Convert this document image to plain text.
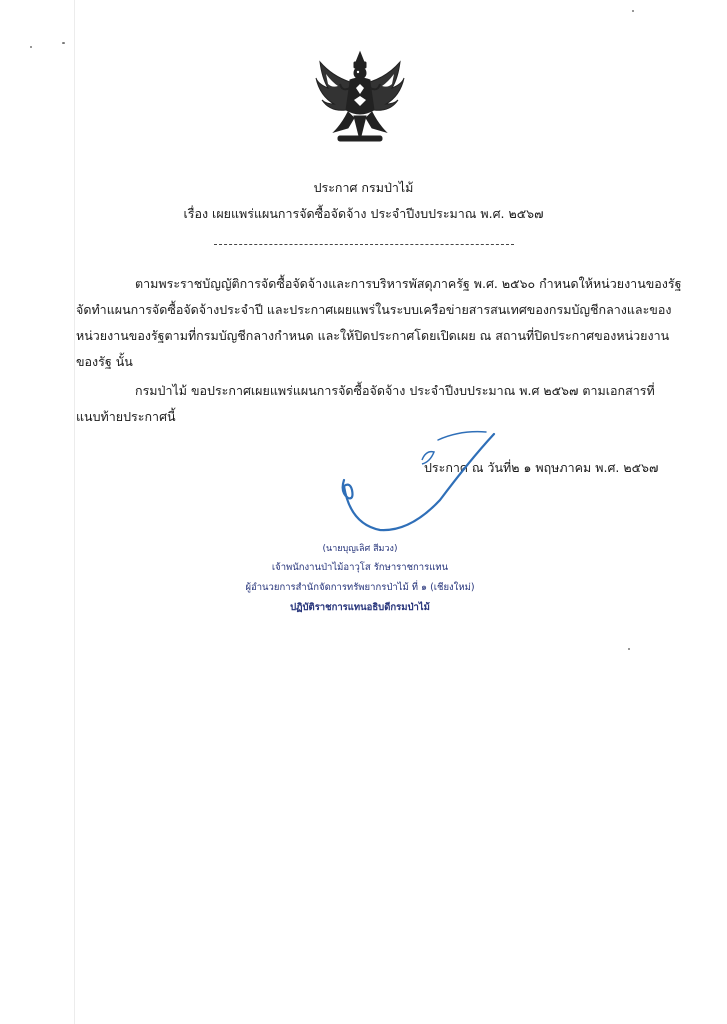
ประกาศ กรมป่าไม้
เรื่อง เผยแพร่แผนการจัดซื้อจัดจ้าง ประจำปีงบประมาณ พ.ศ. ๒๕๖๗
ตามพระราชบัญญัติการจัดซื้อจัดจ้างและการบริหารพัสดุภาครัฐ พ.ศ. ๒๕๖๐ กำหนดให้หน่วยงานของรัฐ
จัดทำแผนการจัดซื้อจัดจ้างประจำปี และประกาศเผยแพร่ในระบบเครือข่ายสารสนเทศของกรมบัญชีกลางและของ
หน่วยงานของรัฐตามที่กรมบัญชีกลางกำหนด และให้ปิดประกาศโดยเปิดเผย ณ สถานที่ปิดประกาศของหน่วยงาน
ของรัฐ นั้น
กรมป่าไม้ ขอประกาศเผยแพร่แผนการจัดซื้อจัดจ้าง ประจำปีงบประมาณ พ.ศ ๒๕๖๗ ตามเอกสารที่
แนบท้ายประกาศนี้
ประกาศ ณ วันที่๒ ๑ พฤษภาคม พ.ศ. ๒๕๖๗
(นายบุญเลิศ สีมวง)
เจ้าพนักงานป่าไม้อาวุโส รักษาราชการแทน
ผู้อำนวยการสำนักจัดการทรัพยากรป่าไม้ ที่ ๑ (เชียงใหม่)
ปฏิบัติราชการแทนอธิบดีกรมป่าไม้
